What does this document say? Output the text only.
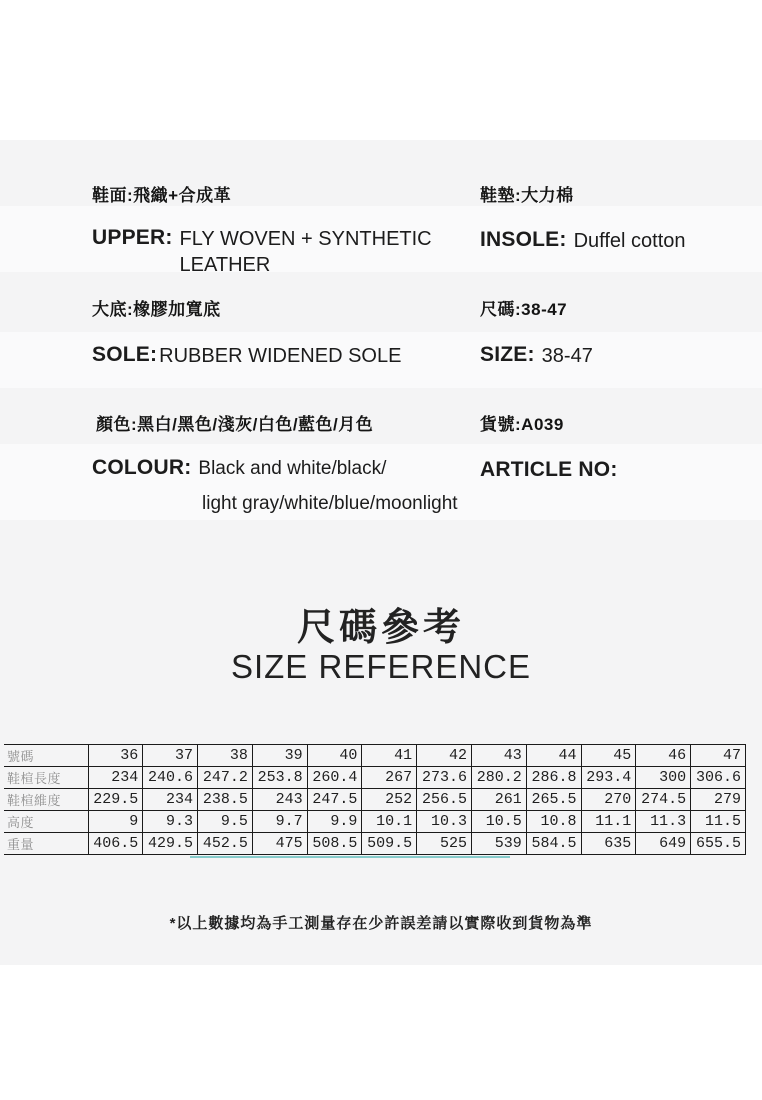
鞋面:飛織+合成革	鞋墊:大力棉
UPPER: FLY WOVEN + SYNTHETIC LEATHER
INSOLE: Duffel cotton
大底:橡膠加寬底	尺碼:38-47
SOLE: RUBBER WIDENED SOLE	SIZE: 38-47
顏色:黑白/黑色/淺灰/白色/藍色/月色	貨號:A039
COLOUR: Black and white/black/
light gray/white/blue/moonlight
ARTICLE NO:
尺碼參考
SIZE REFERENCE
號碼	36	37	38	39	40	41	42	43	44	45	46	47
鞋楦長度	234	240.6	247.2	253.8	260.4	267	273.6	280.2	286.8	293.4	300	306.6
鞋楦維度	229.5	234	238.5	243	247.5	252	256.5	261	265.5	270	274.5	279
高度	9	9.3	9.5	9.7	9.9	10.1	10.3	10.5	10.8	11.1	11.3	11.5
重量	406.5	429.5	452.5	475	508.5	509.5	525	539	584.5	635	649	655.5
*以上數據均為手工測量存在少許誤差請以實際收到貨物為準
